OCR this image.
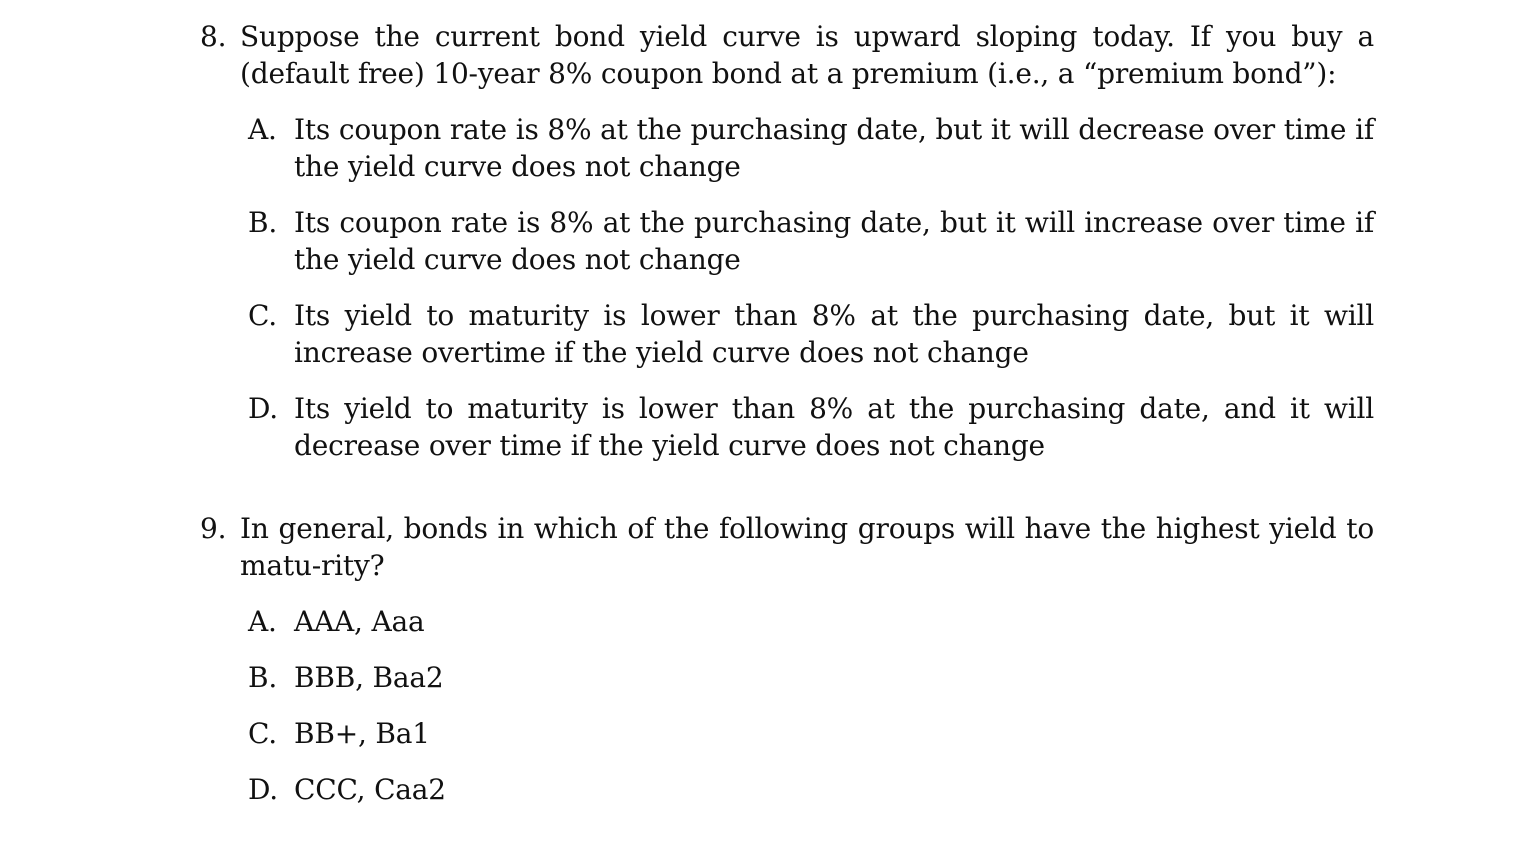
8. Suppose the current bond yield curve is upward sloping today. If you buy a (default free) 10-year 8% coupon bond at a premium (i.e., a “premium bond”):
A. Its coupon rate is 8% at the purchasing date, but it will decrease over time if the yield curve does not change
B. Its coupon rate is 8% at the purchasing date, but it will increase over time if the yield curve does not change
C. Its yield to maturity is lower than 8% at the purchasing date, but it will increase overtime if the yield curve does not change
D. Its yield to maturity is lower than 8% at the purchasing date, and it will decrease over time if the yield curve does not change
9. In general, bonds in which of the following groups will have the highest yield to matu-rity?
A. AAA, Aaa
B. BBB, Baa2
C. BB+, Ba1
D. CCC, Caa2
